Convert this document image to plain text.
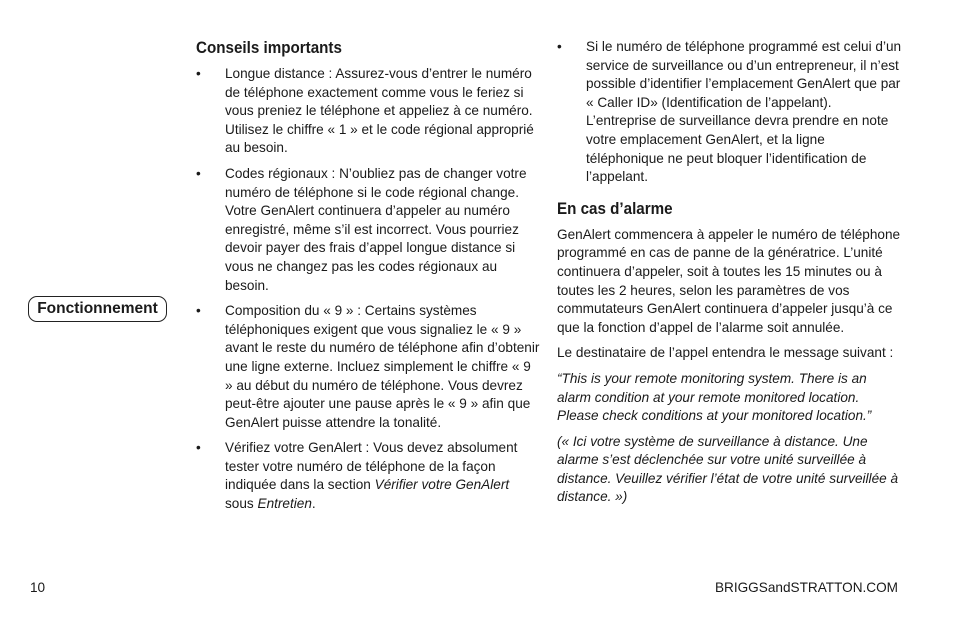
Fonctionnement
Conseils importants
• Longue distance : Assurez-vous d’entrer le numéro de téléphone exactement comme vous le feriez si vous preniez le téléphone et appeliez à ce numéro. Utilisez le chiffre « 1 » et le code régional approprié au besoin.
• Codes régionaux : N’oubliez pas de changer votre numéro de téléphone si le code régional change. Votre GenAlert continuera d’appeler au numéro enregistré, même s’il est incorrect. Vous pourriez devoir payer des frais d’appel longue distance si vous ne changez pas les codes régionaux au besoin.
• Composition du « 9 » : Certains systèmes téléphoniques exigent que vous signaliez le « 9 » avant le reste du numéro de téléphone afin d’obtenir une ligne externe. Incluez simplement le chiffre « 9 » au début du numéro de téléphone. Vous devrez peut-être ajouter une pause après le « 9 » afin que GenAlert puisse attendre la tonalité.
• Vérifiez votre GenAlert : Vous devez absolument tester votre numéro de téléphone de la façon indiquée dans la section Vérifier votre GenAlert sous Entretien.
• Si le numéro de téléphone programmé est celui d’un service de surveillance ou d’un entrepreneur, il n’est possible d’identifier l’emplacement GenAlert que par « Caller ID» (Identification de l’appelant). L’entreprise de surveillance devra prendre en note votre emplacement GenAlert, et la ligne téléphonique ne peut bloquer l’identification de l’appelant.
En cas d’alarme

GenAlert commencera à appeler le numéro de téléphone programmé en cas de panne de la génératrice. L’unité continuera d’appeler, soit à toutes les 15 minutes ou à toutes les 2 heures, selon les paramètres de vos commutateurs GenAlert continuera d’appeler jusqu’à ce que la fonction d’appel de l’alarme soit annulée.

Le destinataire de l’appel entendra le message suivant :

“This is your remote monitoring system. There is an alarm condition at your remote monitored location. Please check conditions at your monitored location.”

(« Ici votre système de surveillance à distance. Une alarme s’est déclenchée sur votre unité surveillée à distance. Veuillez vérifier l’état de votre unité surveillée à distance. »)

10	BRIGGSandSTRATTON.COM
